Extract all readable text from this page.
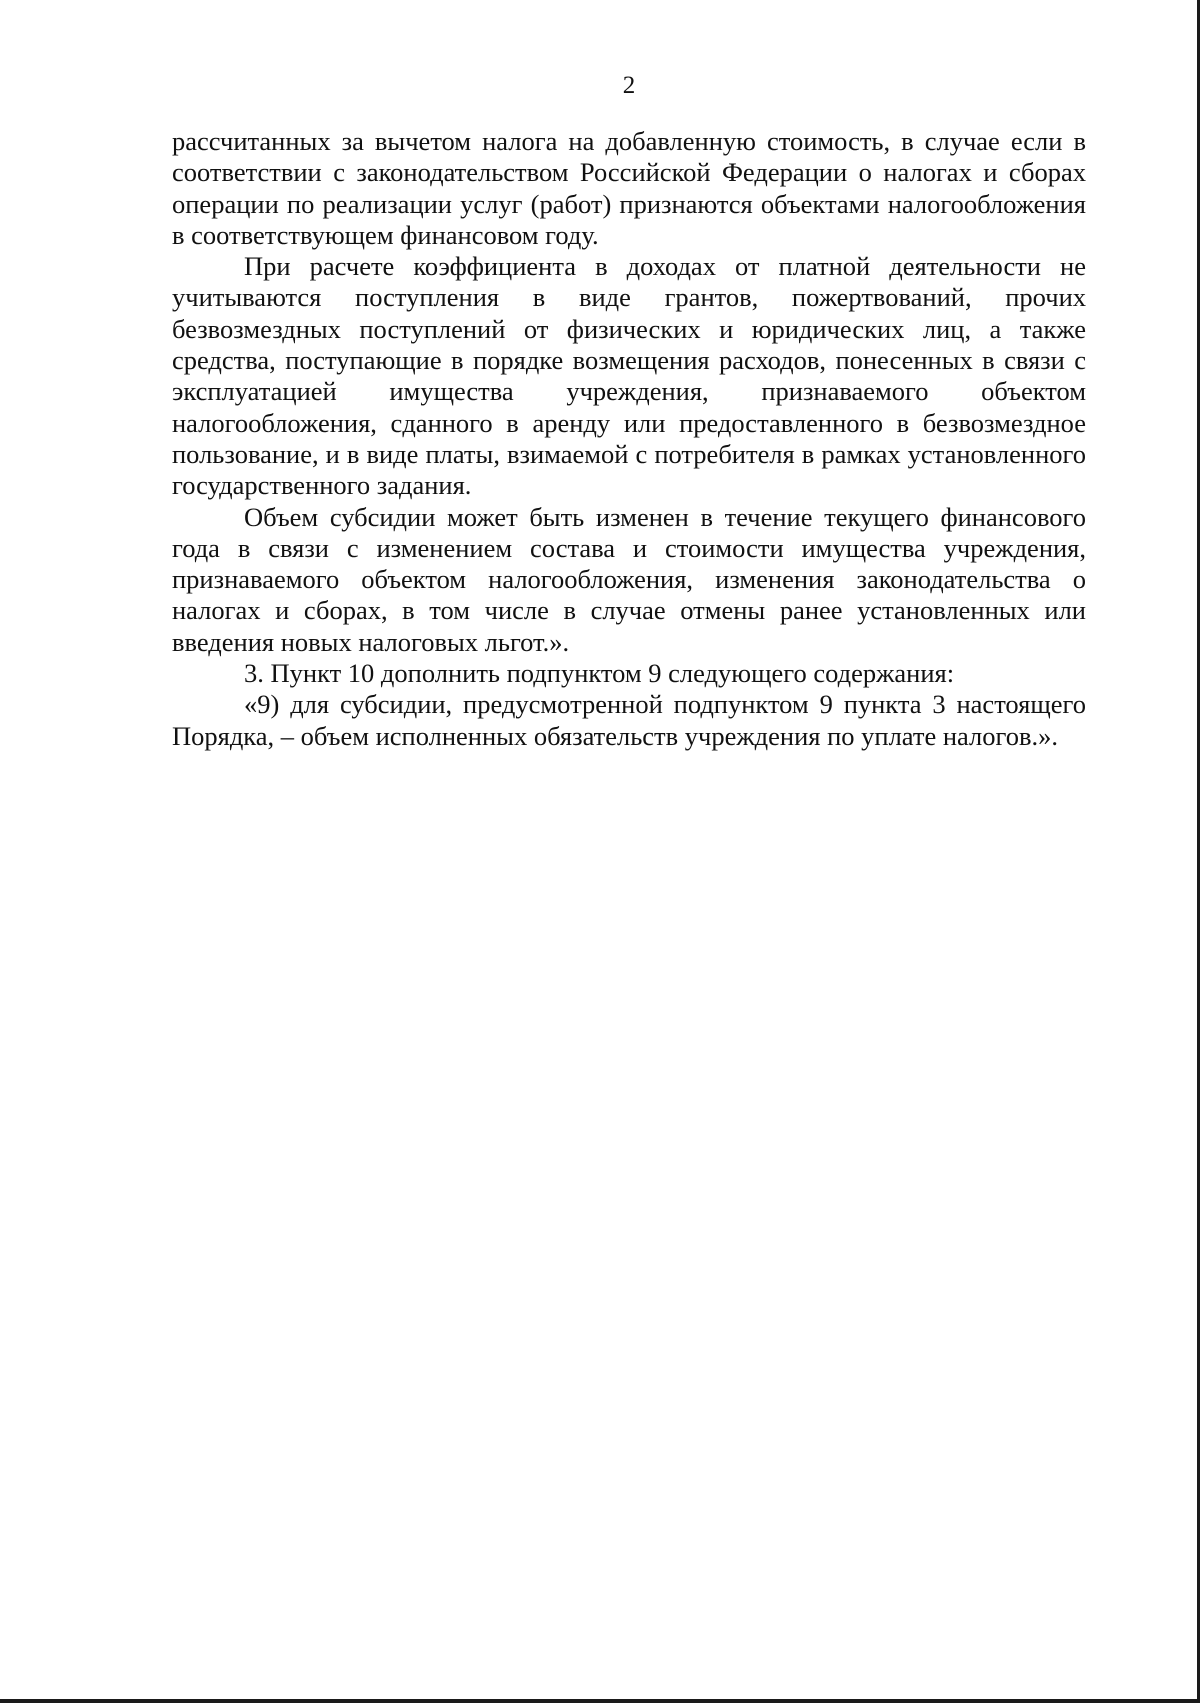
2

рассчитанных за вычетом налога на добавленную стоимость, в случае если в соответствии с законодательством Российской Федерации о налогах и сборах операции по реализации услуг (работ) признаются объектами налогообложения в соответствующем финансовом году.

При расчете коэффициента в доходах от платной деятельности не учитываются поступления в виде грантов, пожертвований, прочих безвозмездных поступлений от физических и юридических лиц, а также средства, поступающие в порядке возмещения расходов, понесенных в связи с эксплуатацией имущества учреждения, признаваемого объектом налогообложения, сданного в аренду или предоставленного в безвозмездное пользование, и в виде платы, взимаемой с потребителя в рамках установленного государственного задания.

Объем субсидии может быть изменен в течение текущего финансового года в связи с изменением состава и стоимости имущества учреждения, признаваемого объектом налогообложения, изменения законодательства о налогах и сборах, в том числе в случае отмены ранее установленных или введения новых налоговых льгот.».

3. Пункт 10 дополнить подпунктом 9 следующего содержания:

«9) для субсидии, предусмотренной подпунктом 9 пункта 3 настоящего Порядка, – объем исполненных обязательств учреждения по уплате налогов.».
